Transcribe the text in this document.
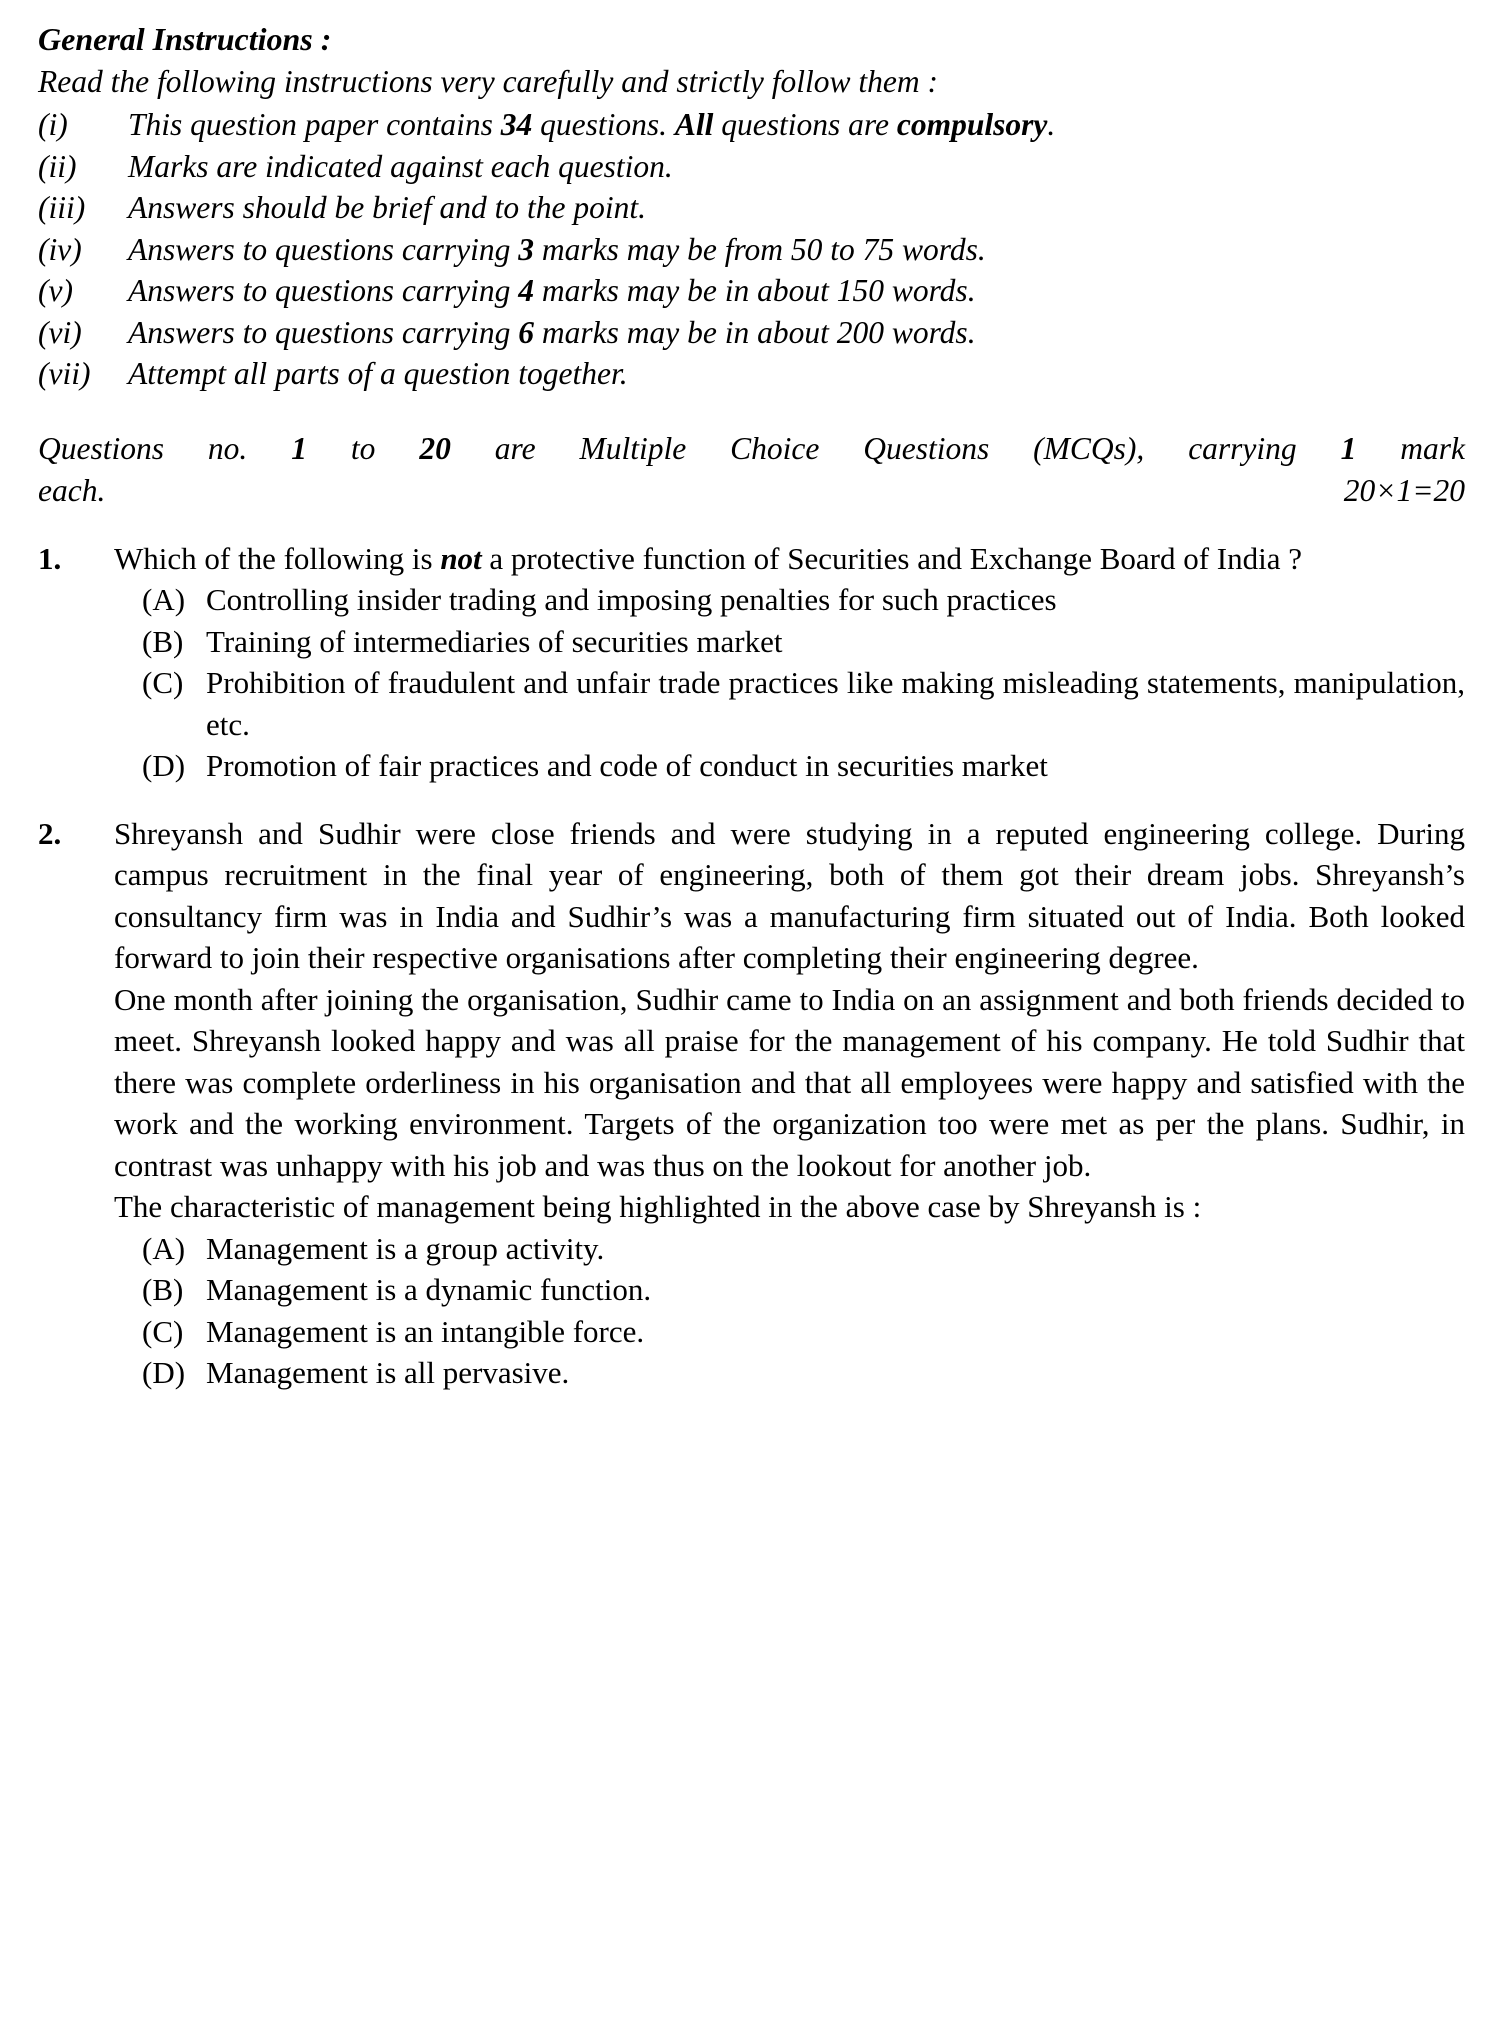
General Instructions :
Read the following instructions very carefully and strictly follow them :
(i)	This question paper contains 34 questions. All questions are compulsory.
(ii)	Marks are indicated against each question.
(iii)	Answers should be brief and to the point.
(iv)	Answers to questions carrying 3 marks may be from 50 to 75 words.
(v)	Answers to questions carrying 4 marks may be in about 150 words.
(vi)	Answers to questions carrying 6 marks may be in about 200 words.
(vii)	Attempt all parts of a question together.
Questions no. 1 to 20 are Multiple Choice Questions (MCQs), carrying 1 mark
each.	20×1=20
1.	Which of the following is not a protective function of Securities and Exchange Board of India ?
(A) Controlling insider trading and imposing penalties for such practices
(B) Training of intermediaries of securities market
(C) Prohibition of fraudulent and unfair trade practices like making misleading statements, manipulation, etc.
(D) Promotion of fair practices and code of conduct in securities market
2.	Shreyansh and Sudhir were close friends and were studying in a reputed engineering college. During campus recruitment in the final year of engineering, both of them got their dream jobs. Shreyansh’s consultancy firm was in India and Sudhir’s was a manufacturing firm situated out of India. Both looked forward to join their respective organisations after completing their engineering degree.
One month after joining the organisation, Sudhir came to India on an assignment and both friends decided to meet. Shreyansh looked happy and was all praise for the management of his company. He told Sudhir that there was complete orderliness in his organisation and that all employees were happy and satisfied with the work and the working environment. Targets of the organization too were met as per the plans. Sudhir, in contrast was unhappy with his job and was thus on the lookout for another job.
The characteristic of management being highlighted in the above case by Shreyansh is :
(A) Management is a group activity.
(B) Management is a dynamic function.
(C) Management is an intangible force.
(D) Management is all pervasive.
